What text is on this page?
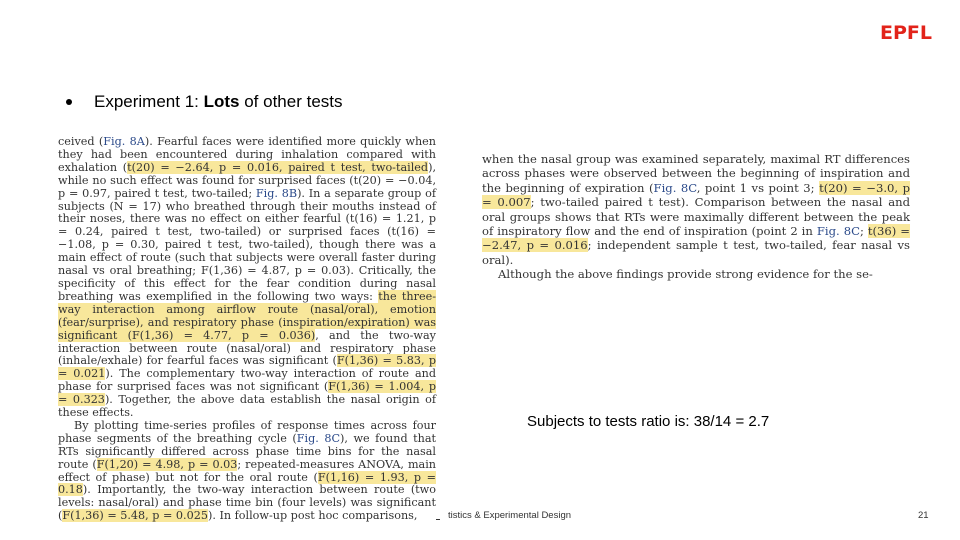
EPFL
Experiment 1: Lots of other tests

ceived (Fig. 8A). Fearful faces were identified more quickly when they had been encountered during inhalation compared with exhalation (t(20) = −2.64, p = 0.016, paired t test, two-tailed), while no such effect was found for surprised faces (t(20) = −0.04, p = 0.97, paired t test, two-tailed; Fig. 8B). In a separate group of subjects (N = 17) who breathed through their mouths instead of their noses, there was no effect on either fearful (t(16) = 1.21, p = 0.24, paired t test, two-tailed) or surprised faces (t(16) = −1.08, p = 0.30, paired t test, two-tailed), though there was a main effect of route (such that subjects were overall faster during nasal vs oral breathing; F(1,36) = 4.87, p = 0.03). Critically, the specificity of this effect for the fear condition during nasal breathing was exemplified in the following two ways: the three-way interaction among airflow route (nasal/oral), emotion (fear/surprise), and respiratory phase (inspiration/expiration) was significant (F(1,36) = 4.77, p = 0.036), and the two-way interaction between route (nasal/oral) and respiratory phase (inhale/exhale) for fearful faces was significant (F(1,36) = 5.83, p = 0.021). The complementary two-way interaction of route and phase for surprised faces was not significant (F(1,36) = 1.004, p = 0.323). Together, the above data establish the nasal origin of these effects.

By plotting time-series profiles of response times across four phase segments of the breathing cycle (Fig. 8C), we found that RTs significantly differed across phase time bins for the nasal route (F(1,20) = 4.98, p = 0.03; repeated-measures ANOVA, main effect of phase) but not for the oral route (F(1,16) = 1.93, p = 0.18). Importantly, the two-way interaction between route (two levels: nasal/oral) and phase time bin (four levels) was significant (F(1,36) = 5.48, p = 0.025). In follow-up post hoc comparisons,

when the nasal group was examined separately, maximal RT differences across phases were observed between the beginning of inspiration and the beginning of expiration (Fig. 8C, point 1 vs point 3; t(20) = −3.0, p = 0.007; two-tailed paired t test). Comparison between the nasal and oral groups shows that RTs were maximally different between the peak of inspiratory flow and the end of inspiration (point 2 in Fig. 8C; t(36) = −2.47, p = 0.016; independent sample t test, two-tailed, fear nasal vs oral).

Although the above findings provide strong evidence for the se-

Subjects to tests ratio is: 38/14 = 2.7
tistics & Experimental Design	21
